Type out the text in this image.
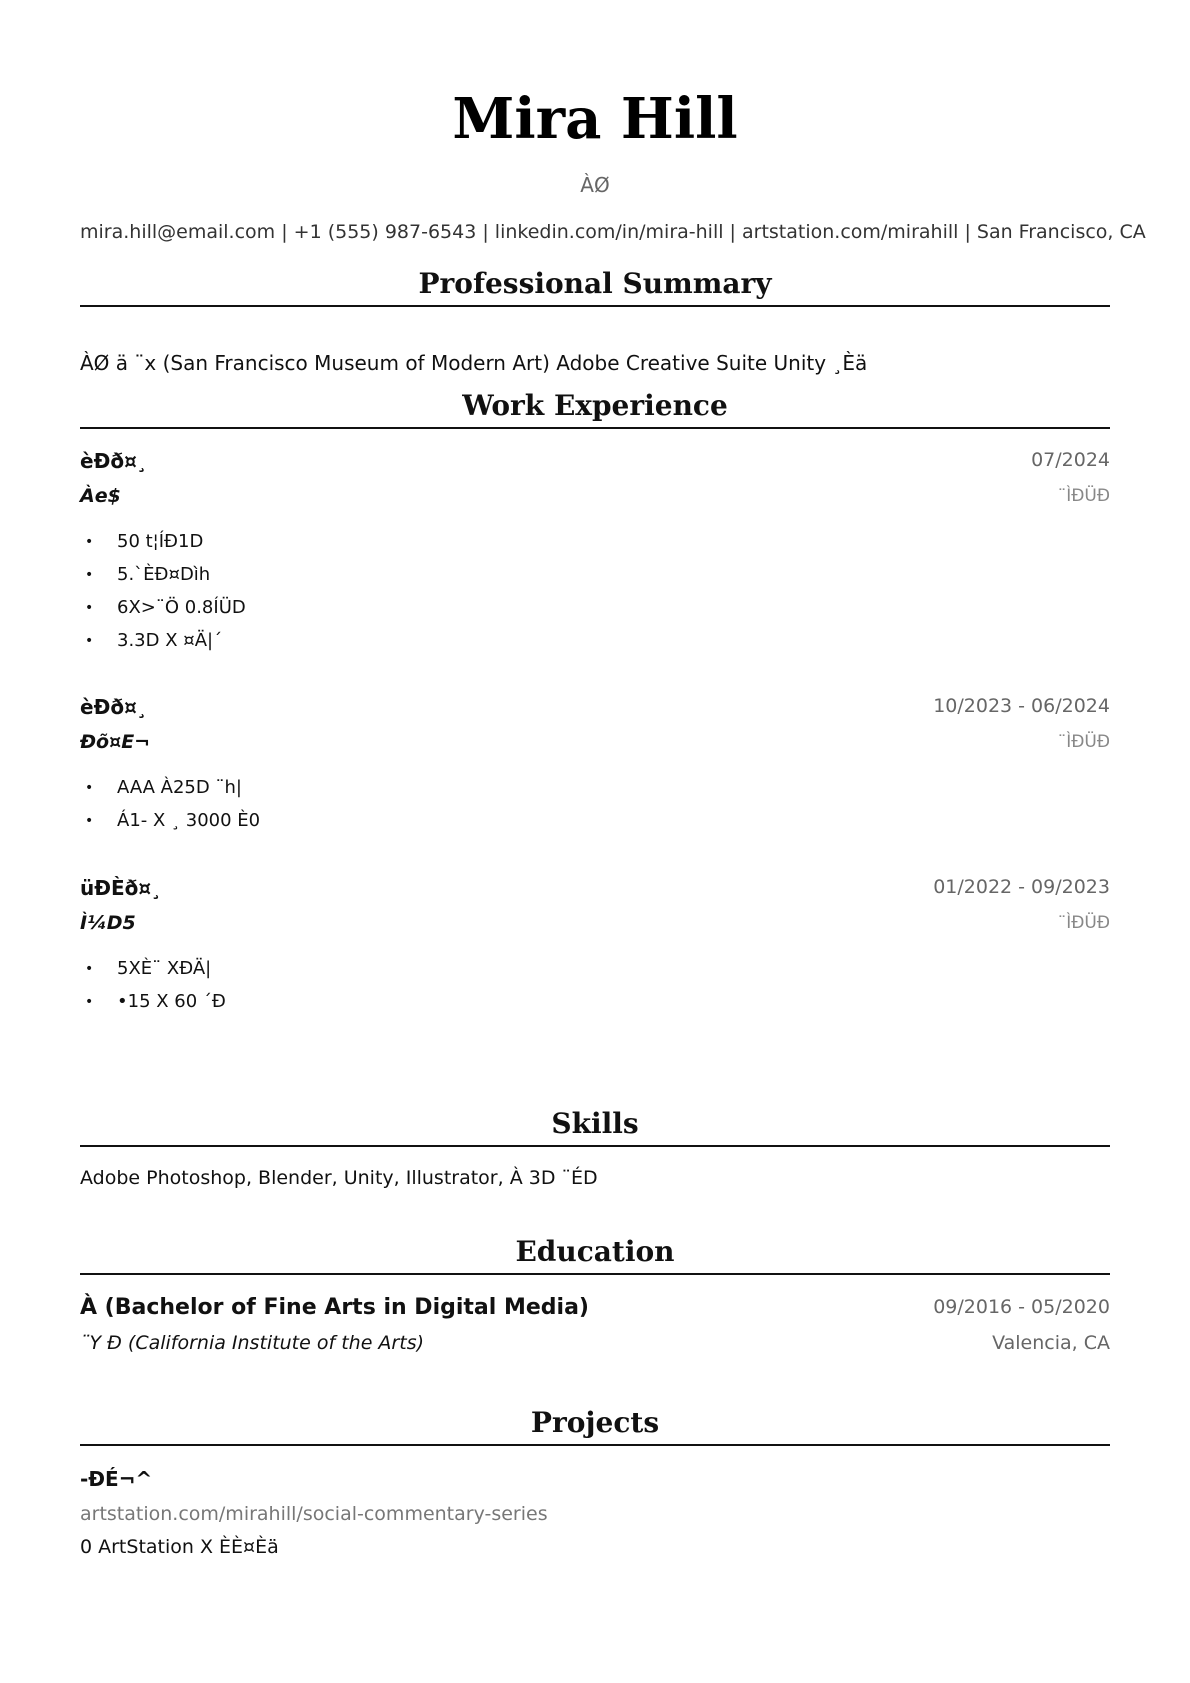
Mira Hill
ÀØ
mira.hill@email.com | +1 (555) 987-6543 | linkedin.com/in/mira-hill | artstation.com/mirahill | San Francisco, CA
Professional Summary
ÀØ ä ¨x (San Francisco Museum of Modern Art) Adobe Creative Suite Unity ¸Èä
Work Experience
èÐð¤¸	07/2024
Àe$	¨ÌÐÜÐ
• 50 t¦ÍÐ1D
• 5.`ÈÐ¤Dìh
• 6X>¨Ö 0.8ÍÜD
• 3.3D X ¤Ä|´
èÐð¤¸	10/2023 - 06/2024
Ðõ¤E¬	¨ÌÐÜÐ
• AAA À25D ¨h|
• Á1- X ¸ 3000 È0
üÐÈð¤¸	01/2022 - 09/2023
Ì¼D5	¨ÌÐÜÐ
• 5XÈ¨ XÐÄ|
• •15 X 60 ´Ð
Skills
Adobe Photoshop, Blender, Unity, Illustrator, À 3D ¨ÉD
Education
À (Bachelor of Fine Arts in Digital Media)	09/2016 - 05/2020
¨Y Ð (California Institute of the Arts)	Valencia, CA
Projects
-ÐÉ¬^
artstation.com/mirahill/social-commentary-series
0 ArtStation X ÈÈ¤Èä
